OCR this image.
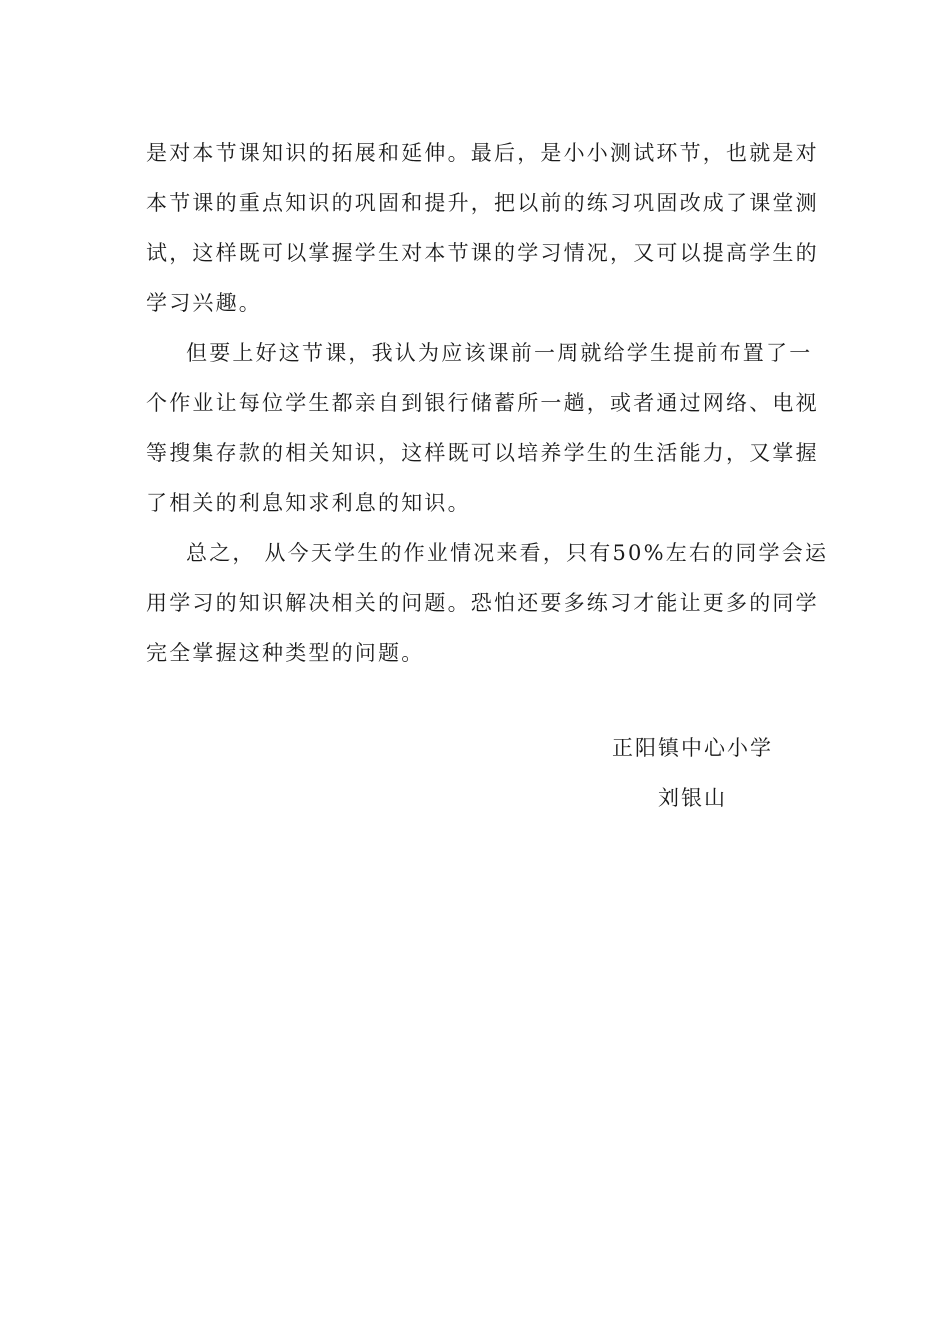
是对本节课知识的拓展和延伸。最后，是小小测试环节，也就是对
本节课的重点知识的巩固和提升，把以前的练习巩固改成了课堂测
试，这样既可以掌握学生对本节课的学习情况，又可以提高学生的
学习兴趣。
但要上好这节课，我认为应该课前一周就给学生提前布置了一
个作业让每位学生都亲自到银行储蓄所一趟，或者通过网络、电视
等搜集存款的相关知识，这样既可以培养学生的生活能力，又掌握
了相关的利息知求利息的知识。
总之， 从今天学生的作业情况来看，只有50%左右的同学会运
用学习的知识解决相关的问题。恐怕还要多练习才能让更多的同学
完全掌握这种类型的问题。
正阳镇中心小学
刘银山
